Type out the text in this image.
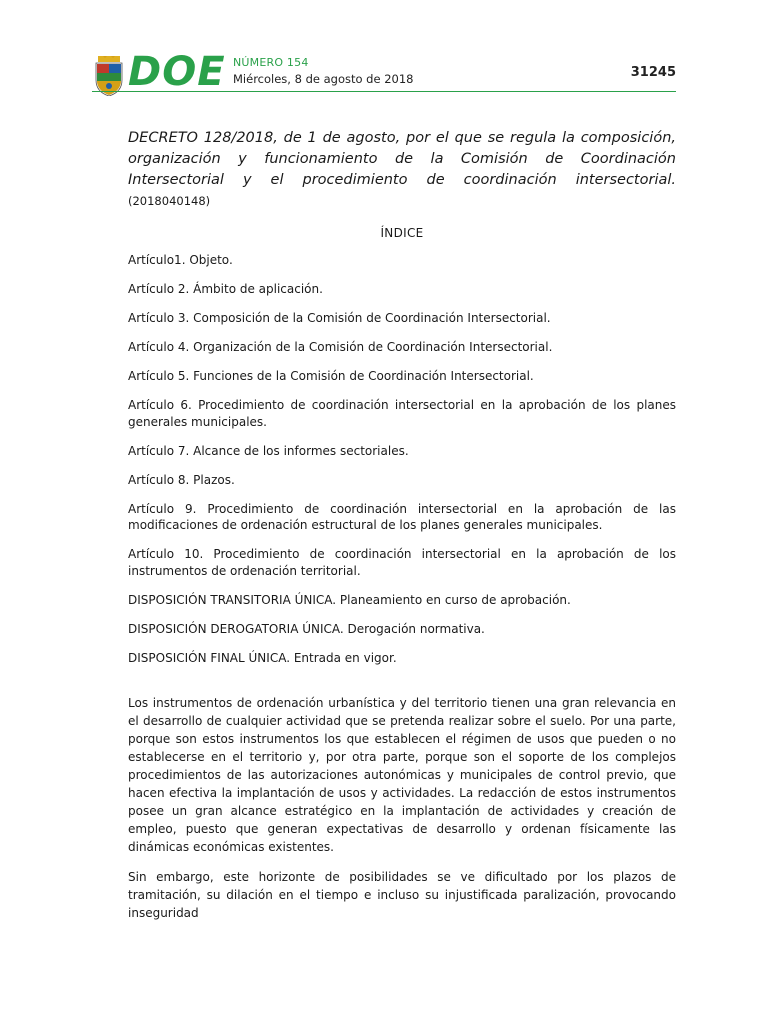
DOE NÚMERO 154
Miércoles, 8 de agosto de 2018	31245

DECRETO 128/2018, de 1 de agosto, por el que se regula la composición, organización y funcionamiento de la Comisión de Coordinación Intersectorial y el procedimiento de coordinación intersectorial. (2018040148)

ÍNDICE
Artículo1. Objeto.
Artículo 2. Ámbito de aplicación.
Artículo 3. Composición de la Comisión de Coordinación Intersectorial.
Artículo 4. Organización de la Comisión de Coordinación Intersectorial.
Artículo 5. Funciones de la Comisión de Coordinación Intersectorial.
Artículo 6. Procedimiento de coordinación intersectorial en la aprobación de los planes generales municipales.
Artículo 7. Alcance de los informes sectoriales.
Artículo 8. Plazos.
Artículo 9. Procedimiento de coordinación intersectorial en la aprobación de las modificaciones de ordenación estructural de los planes generales municipales.
Artículo 10. Procedimiento de coordinación intersectorial en la aprobación de los instrumentos de ordenación territorial.
DISPOSICIÓN TRANSITORIA ÚNICA. Planeamiento en curso de aprobación.
DISPOSICIÓN DEROGATORIA ÚNICA. Derogación normativa.
DISPOSICIÓN FINAL ÚNICA. Entrada en vigor.

Los instrumentos de ordenación urbanística y del territorio tienen una gran relevancia en el desarrollo de cualquier actividad que se pretenda realizar sobre el suelo. Por una parte, porque son estos instrumentos los que establecen el régimen de usos que pueden o no establecerse en el territorio y, por otra parte, porque son el soporte de los complejos procedimientos de las autorizaciones autonómicas y municipales de control previo, que hacen efectiva la implantación de usos y actividades. La redacción de estos instrumentos posee un gran alcance estratégico en la implantación de actividades y creación de empleo, puesto que generan expectativas de desarrollo y ordenan físicamente las dinámicas económicas existentes.

Sin embargo, este horizonte de posibilidades se ve dificultado por los plazos de tramitación, su dilación en el tiempo e incluso su injustificada paralización, provocando inseguridad
